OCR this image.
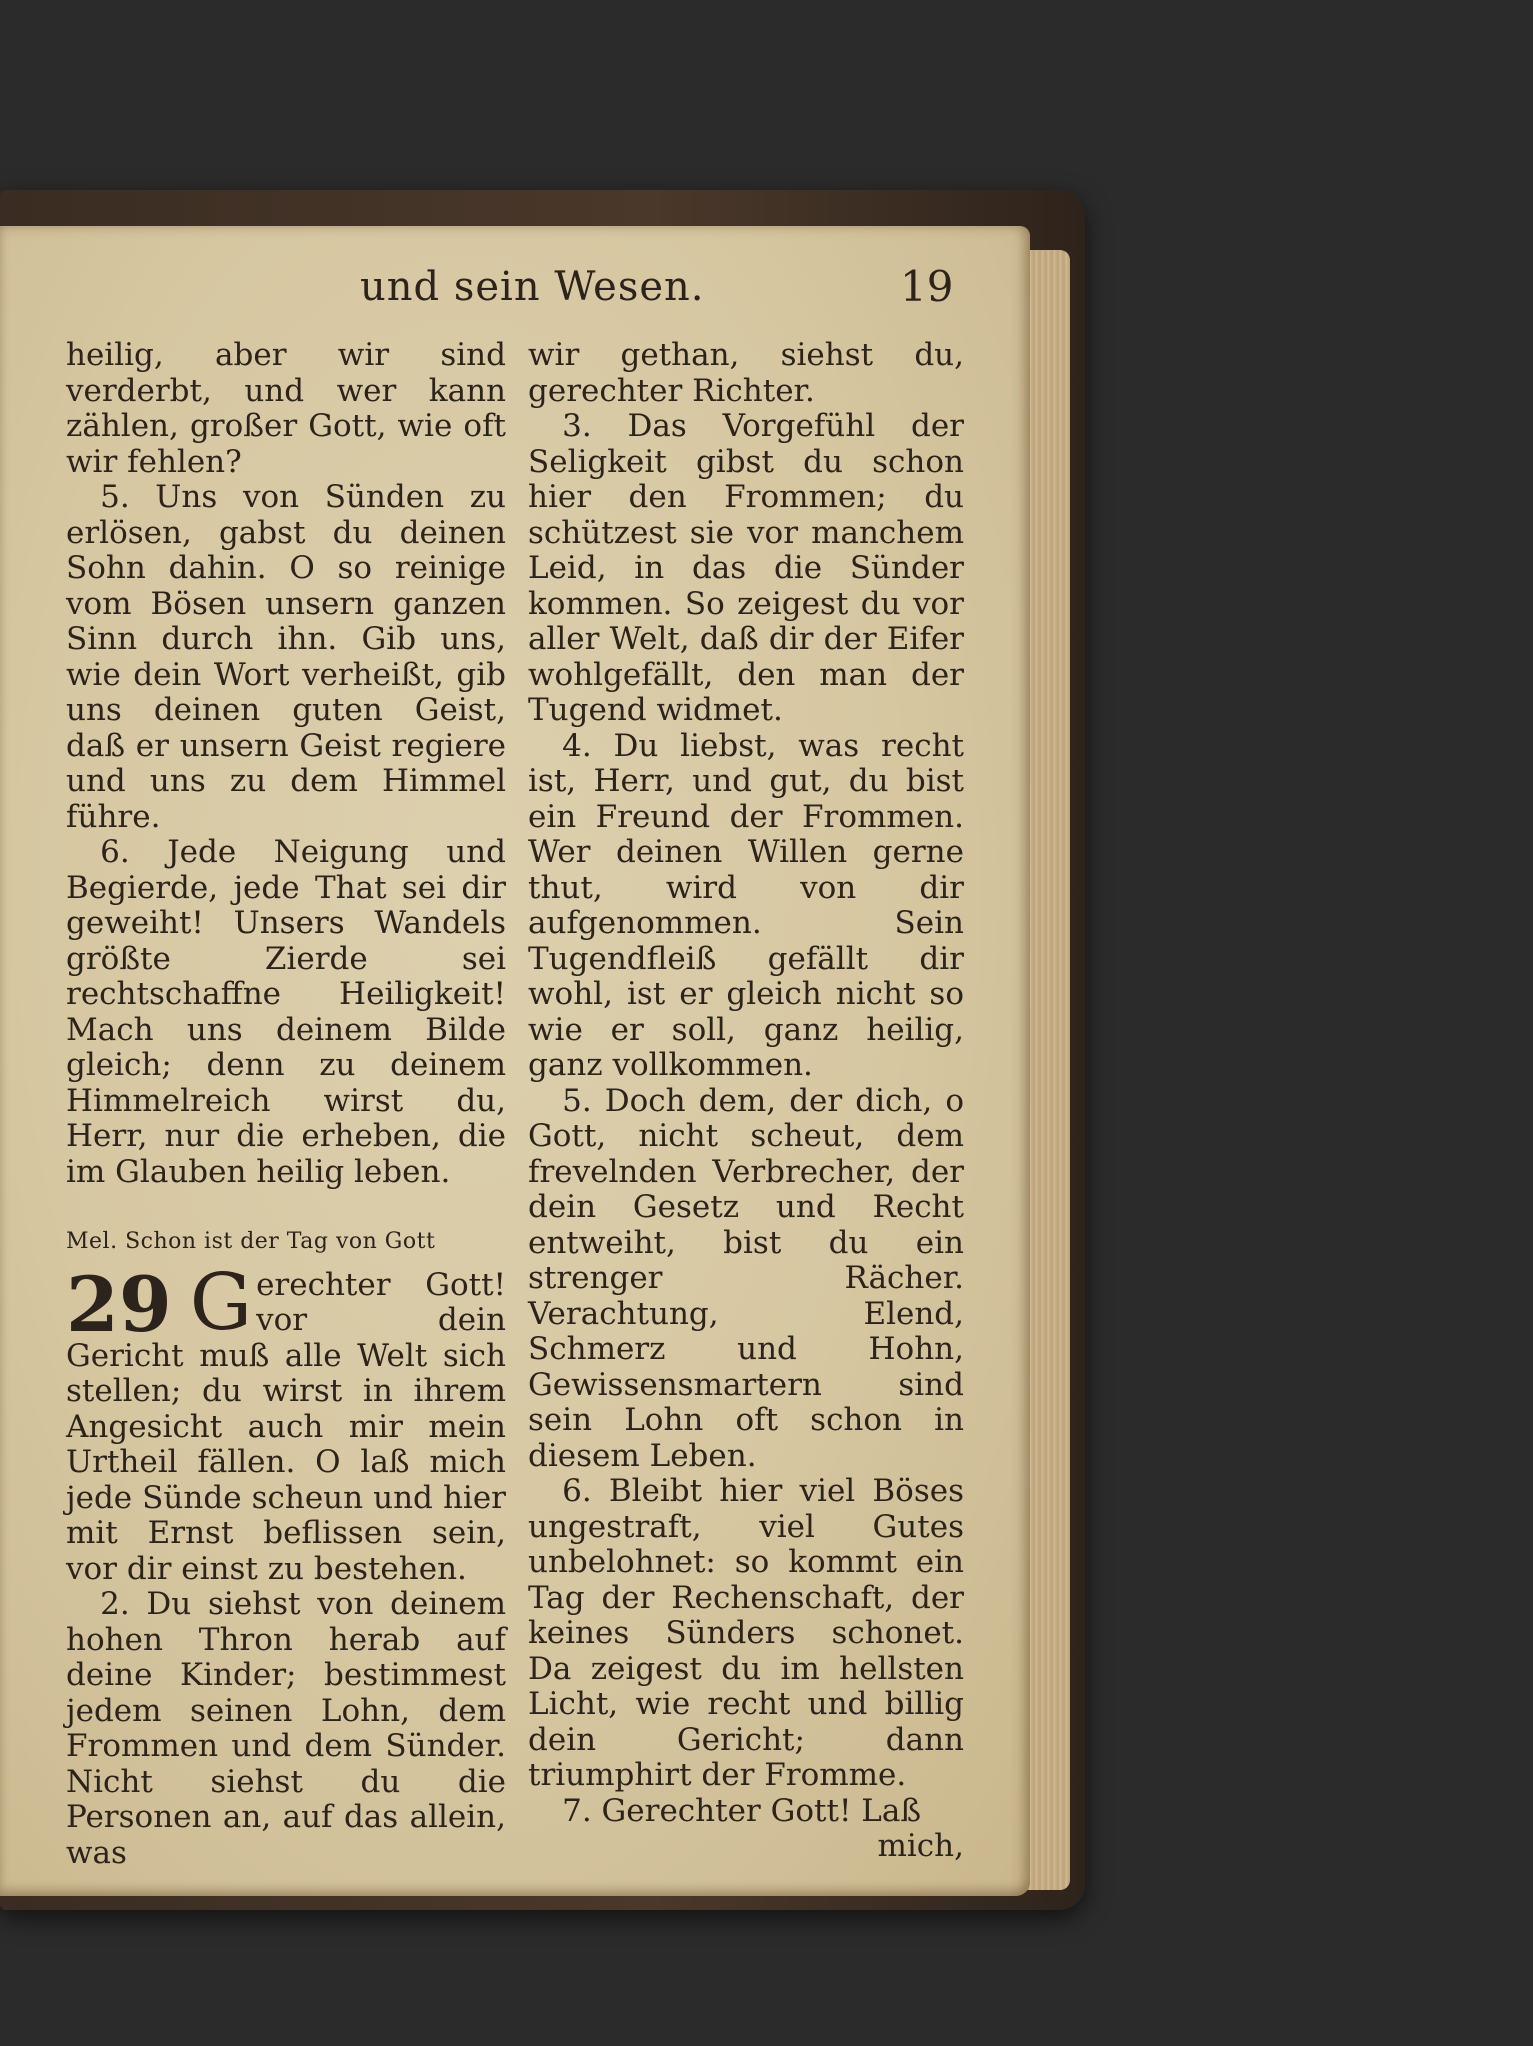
und sein Wesen.	19

heilig, aber wir sind verderbt, und wer kann zählen, großer Gott, wie oft wir fehlen?

5. Uns von Sünden zu erlösen, gabst du deinen Sohn dahin. O so reinige vom Bösen unsern ganzen Sinn durch ihn. Gib uns, wie dein Wort verheißt, gib uns deinen guten Geist, daß er unsern Geist regiere und uns zu dem Himmel führe.

6. Jede Neigung und Begierde, jede That sei dir geweiht! Unsers Wandels größte Zierde sei rechtschaffne Heiligkeit! Mach uns deinem Bilde gleich; denn zu deinem Himmelreich wirst du, Herr, nur die erheben, die im Glauben heilig leben.

Mel. Schon ist der Tag von Gott

29 G erechter Gott! vor dein Gericht muß alle Welt sich stellen; du wirst in ihrem Angesicht auch mir mein Urtheil fällen. O laß mich jede Sünde scheun und hier mit Ernst beflissen sein, vor dir einst zu bestehen.

2. Du siehst von deinem hohen Thron herab auf deine Kinder; bestimmest jedem seinen Lohn, dem Frommen und dem Sünder. Nicht siehst du die Personen an, auf das allein, was

wir gethan, siehst du, gerechter Richter.

3. Das Vorgefühl der Seligkeit gibst du schon hier den Frommen; du schützest sie vor manchem Leid, in das die Sünder kommen. So zeigest du vor aller Welt, daß dir der Eifer wohlgefällt, den man der Tugend widmet.

4. Du liebst, was recht ist, Herr, und gut, du bist ein Freund der Frommen. Wer deinen Willen gerne thut, wird von dir aufgenommen. Sein Tugendfleiß gefällt dir wohl, ist er gleich nicht so wie er soll, ganz heilig, ganz vollkommen.

5. Doch dem, der dich, o Gott, nicht scheut, dem frevelnden Verbrecher, der dein Gesetz und Recht entweiht, bist du ein strenger Rächer. Verachtung, Elend, Schmerz und Hohn, Gewissensmartern sind sein Lohn oft schon in diesem Leben.

6. Bleibt hier viel Böses ungestraft, viel Gutes unbelohnet: so kommt ein Tag der Rechenschaft, der keines Sünders schonet. Da zeigest du im hellsten Licht, wie recht und billig dein Gericht; dann triumphirt der Fromme.

7. Gerechter Gott! Laß

mich,
